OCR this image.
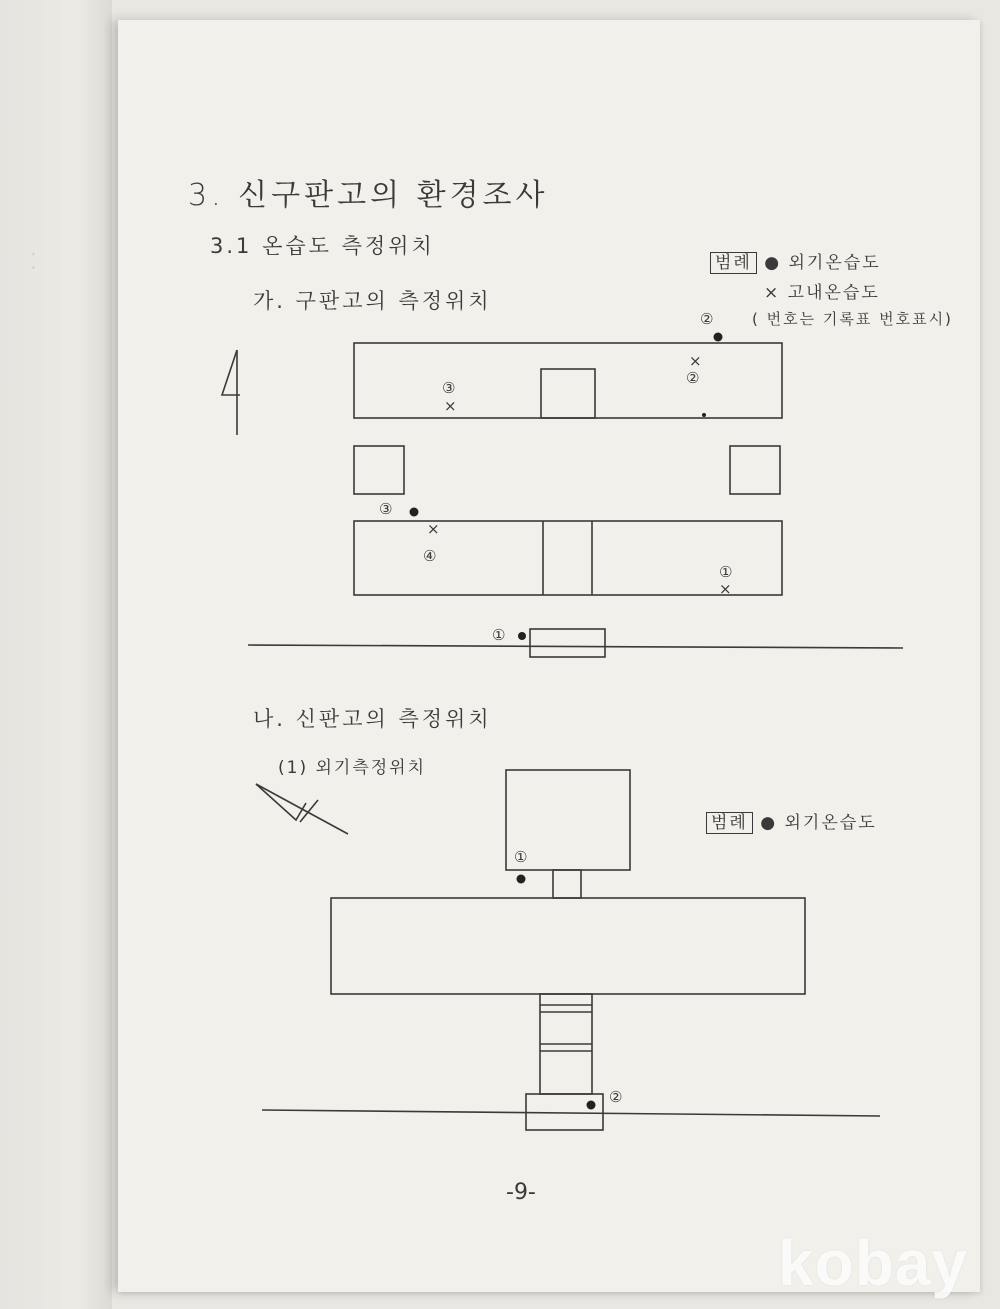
⁚
3. 신구판고의 환경조사
3.1 온습도 측정위치
가. 구판고의 측정위치
범례 ● 외기온습도
× 고내온습도
( 번호는 기록표 번호표시)
나. 신판고의 측정위치
(1) 외기측정위치
범례 ● 외기온습도
-9-
②
②
③
③
④
①
①
①
②
×
×
×
×
kobay
